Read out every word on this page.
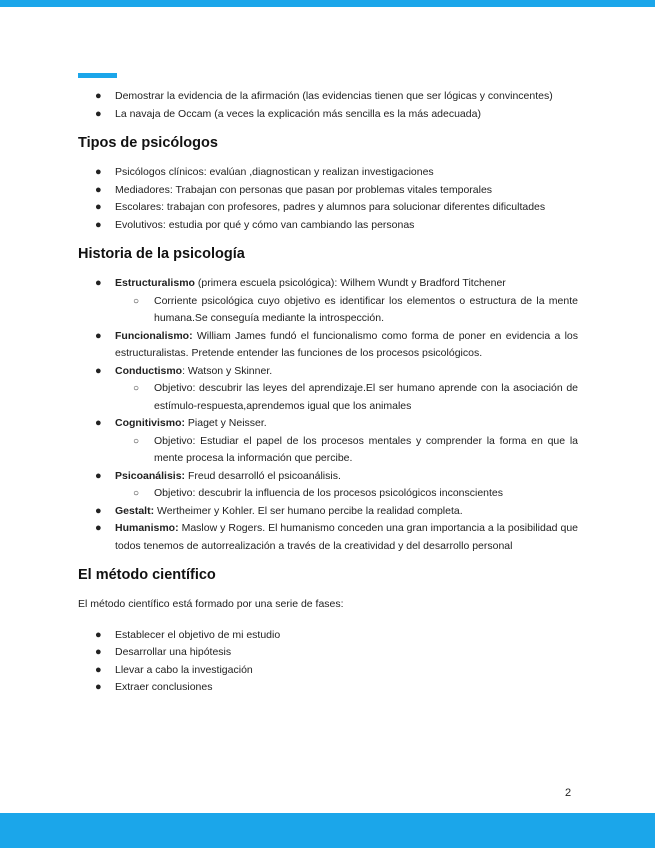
● Demostrar la evidencia de la afirmación (las evidencias tienen que ser lógicas y convincentes)
● La navaja de Occam (a veces la explicación más sencilla es la más adecuada)
Tipos de psicólogos
● Psicólogos clínicos: evalúan ,diagnostican y realizan investigaciones
● Mediadores: Trabajan con personas que pasan por problemas vitales temporales
● Escolares: trabajan con profesores, padres y alumnos para solucionar diferentes dificultades
● Evolutivos: estudia por qué y cómo van cambiando las personas
Historia de la psicología
● Estructuralismo (primera escuela psicológica): Wilhem Wundt y Bradford Titchener
○ Corriente psicológica cuyo objetivo es identificar los elementos o estructura de la mente humana.Se conseguía mediante la introspección.
● Funcionalismo: William James fundó el funcionalismo como forma de poner en evidencia a los estructuralistas. Pretende entender las funciones de los procesos psicológicos.
● Conductismo: Watson y Skinner.
○ Objetivo: descubrir las leyes del aprendizaje.El ser humano aprende con la asociación de estímulo-respuesta,aprendemos igual que los animales
● Cognitivismo: Piaget y Neisser.
○ Objetivo: Estudiar el papel de los procesos mentales y comprender la forma en que la mente procesa la información que percibe.
● Psicoanálisis: Freud desarrolló el psicoanálisis.
○ Objetivo: descubrir la influencia de los procesos psicológicos inconscientes
● Gestalt: Wertheimer y Kohler. El ser humano percibe la realidad completa.
● Humanismo: Maslow y Rogers. El humanismo conceden una gran importancia a la posibilidad que todos tenemos de autorrealización a través de la creatividad y del desarrollo personal
El método científico

El método científico está formado por una serie de fases:

● Establecer el objetivo de mi estudio
● Desarrollar una hipótesis
● Llevar a cabo la investigación
● Extraer conclusiones
2
